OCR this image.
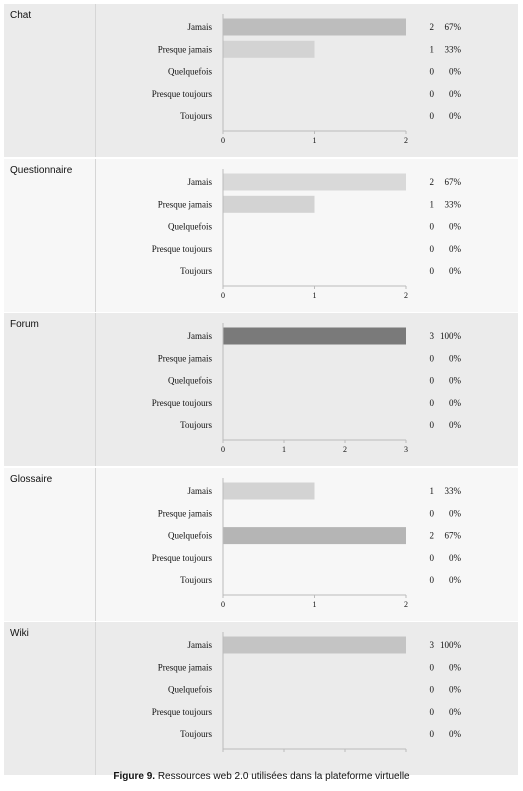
Chat
Jamais	2 67%
Presque jamais	1 33%
Quelquefois	0 0%
Presque toujours	0 0%
Toujours	0 0%
0	1	2
Questionnaire
Jamais	2 67%
Presque jamais	1 33%
Quelquefois	0 0%
Presque toujours	0 0%
Toujours	0 0%
0	1	2
Forum
Jamais	3 100%
Presque jamais	0 0%
Quelquefois	0 0%
Presque toujours	0 0%
Toujours	0 0%
0	1	2	3
Glossaire
Jamais	1 33%
Presque jamais	0 0%
Quelquefois	2 67%
Presque toujours	0 0%
Toujours	0 0%
0	1	2
Wiki
Jamais	3 100%
Presque jamais	0 0%
Quelquefois	0 0%
Presque toujours	0 0%
Toujours	0 0%
Figure 9. Ressources web 2.0 utilisées dans la plateforme virtuelle
